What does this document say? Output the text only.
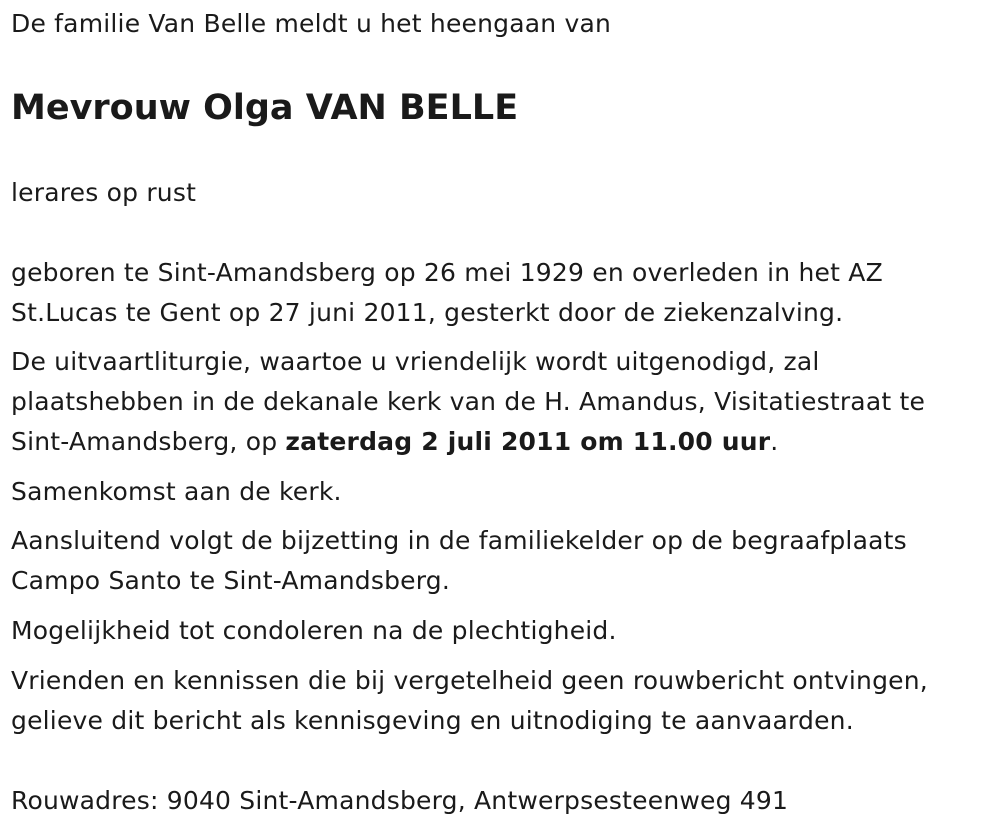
De familie Van Belle meldt u het heengaan van

Mevrouw Olga VAN BELLE

lerares op rust

geboren te Sint-Amandsberg op 26 mei 1929 en overleden in het AZ

St.Lucas te Gent op 27 juni 2011, gesterkt door de ziekenzalving.

De uitvaartliturgie, waartoe u vriendelijk wordt uitgenodigd, zal

plaatshebben in de dekanale kerk van de H. Amandus, Visitatiestraat te

Sint-Amandsberg, op zaterdag 2 juli 2011 om 11.00 uur.

Samenkomst aan de kerk.

Aansluitend volgt de bijzetting in de familiekelder op de begraafplaats

Campo Santo te Sint-Amandsberg.

Mogelijkheid tot condoleren na de plechtigheid.

Vrienden en kennissen die bij vergetelheid geen rouwbericht ontvingen,

gelieve dit bericht als kennisgeving en uitnodiging te aanvaarden.

Rouwadres: 9040 Sint-Amandsberg, Antwerpsesteenweg 491
